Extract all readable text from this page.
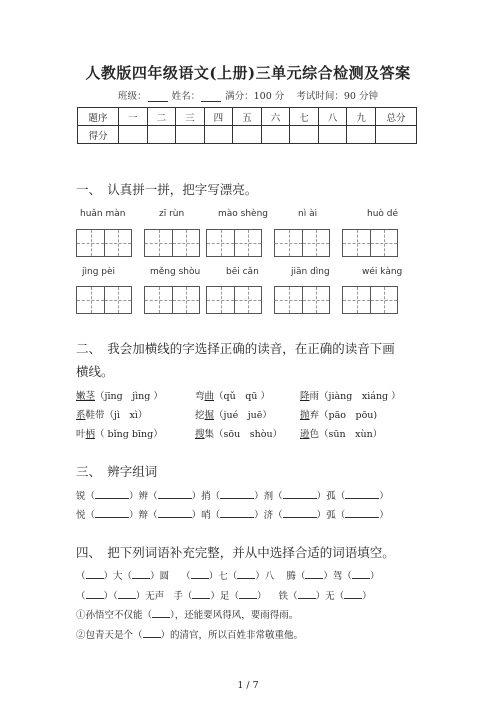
人教版四年级语文(上册)三单元综合检测及答案
班级：	姓名：	满分：100 分 考试时间：90 分钟
题序	一	二	三	四	五	六	七	八	九	总分
得分										
一、　认真拼一拼，把字写漂亮。
huǎn màn	zī rùn	mào shèng	nì ài	huò dé
jìng pèi	měng shòu	bēi cǎn	jiān dìng	wéi kàng
二、　我会加横线的字选择正确的读音，在正确的读音下画
横线。
嫩茎（jīng　jìng ）	弯曲（qǔ　qū ）	降雨（jiàng　xiáng ）
系鞋带（jì　xì）	挖掘（jué　juē）	抛弃（pāo　pōu)
叶柄（ bǐng bīng）	搜集（sōu　shòu） 逊色（sūn　xùn）
三、　辨字组词
锐（	）辨（	）捎（	）剂（	）孤（	）
悦（	）辩（	）哨（	）济（	）弧（	）
四、　把下列词语补充完整，并从中选择合适的词语填空。
（ ）大（ ）圆    （ ）七（ ）八 腾（ ）驾（ ）
（ ）（ ）无声 手（ ）足（ ）    铁（ ）无（ ）
①孙悟空不仅能（ ），还能要风得风，要雨得雨。
②包青天是个（ ）的清官，所以百姓非常敬重他。
1 / 7
